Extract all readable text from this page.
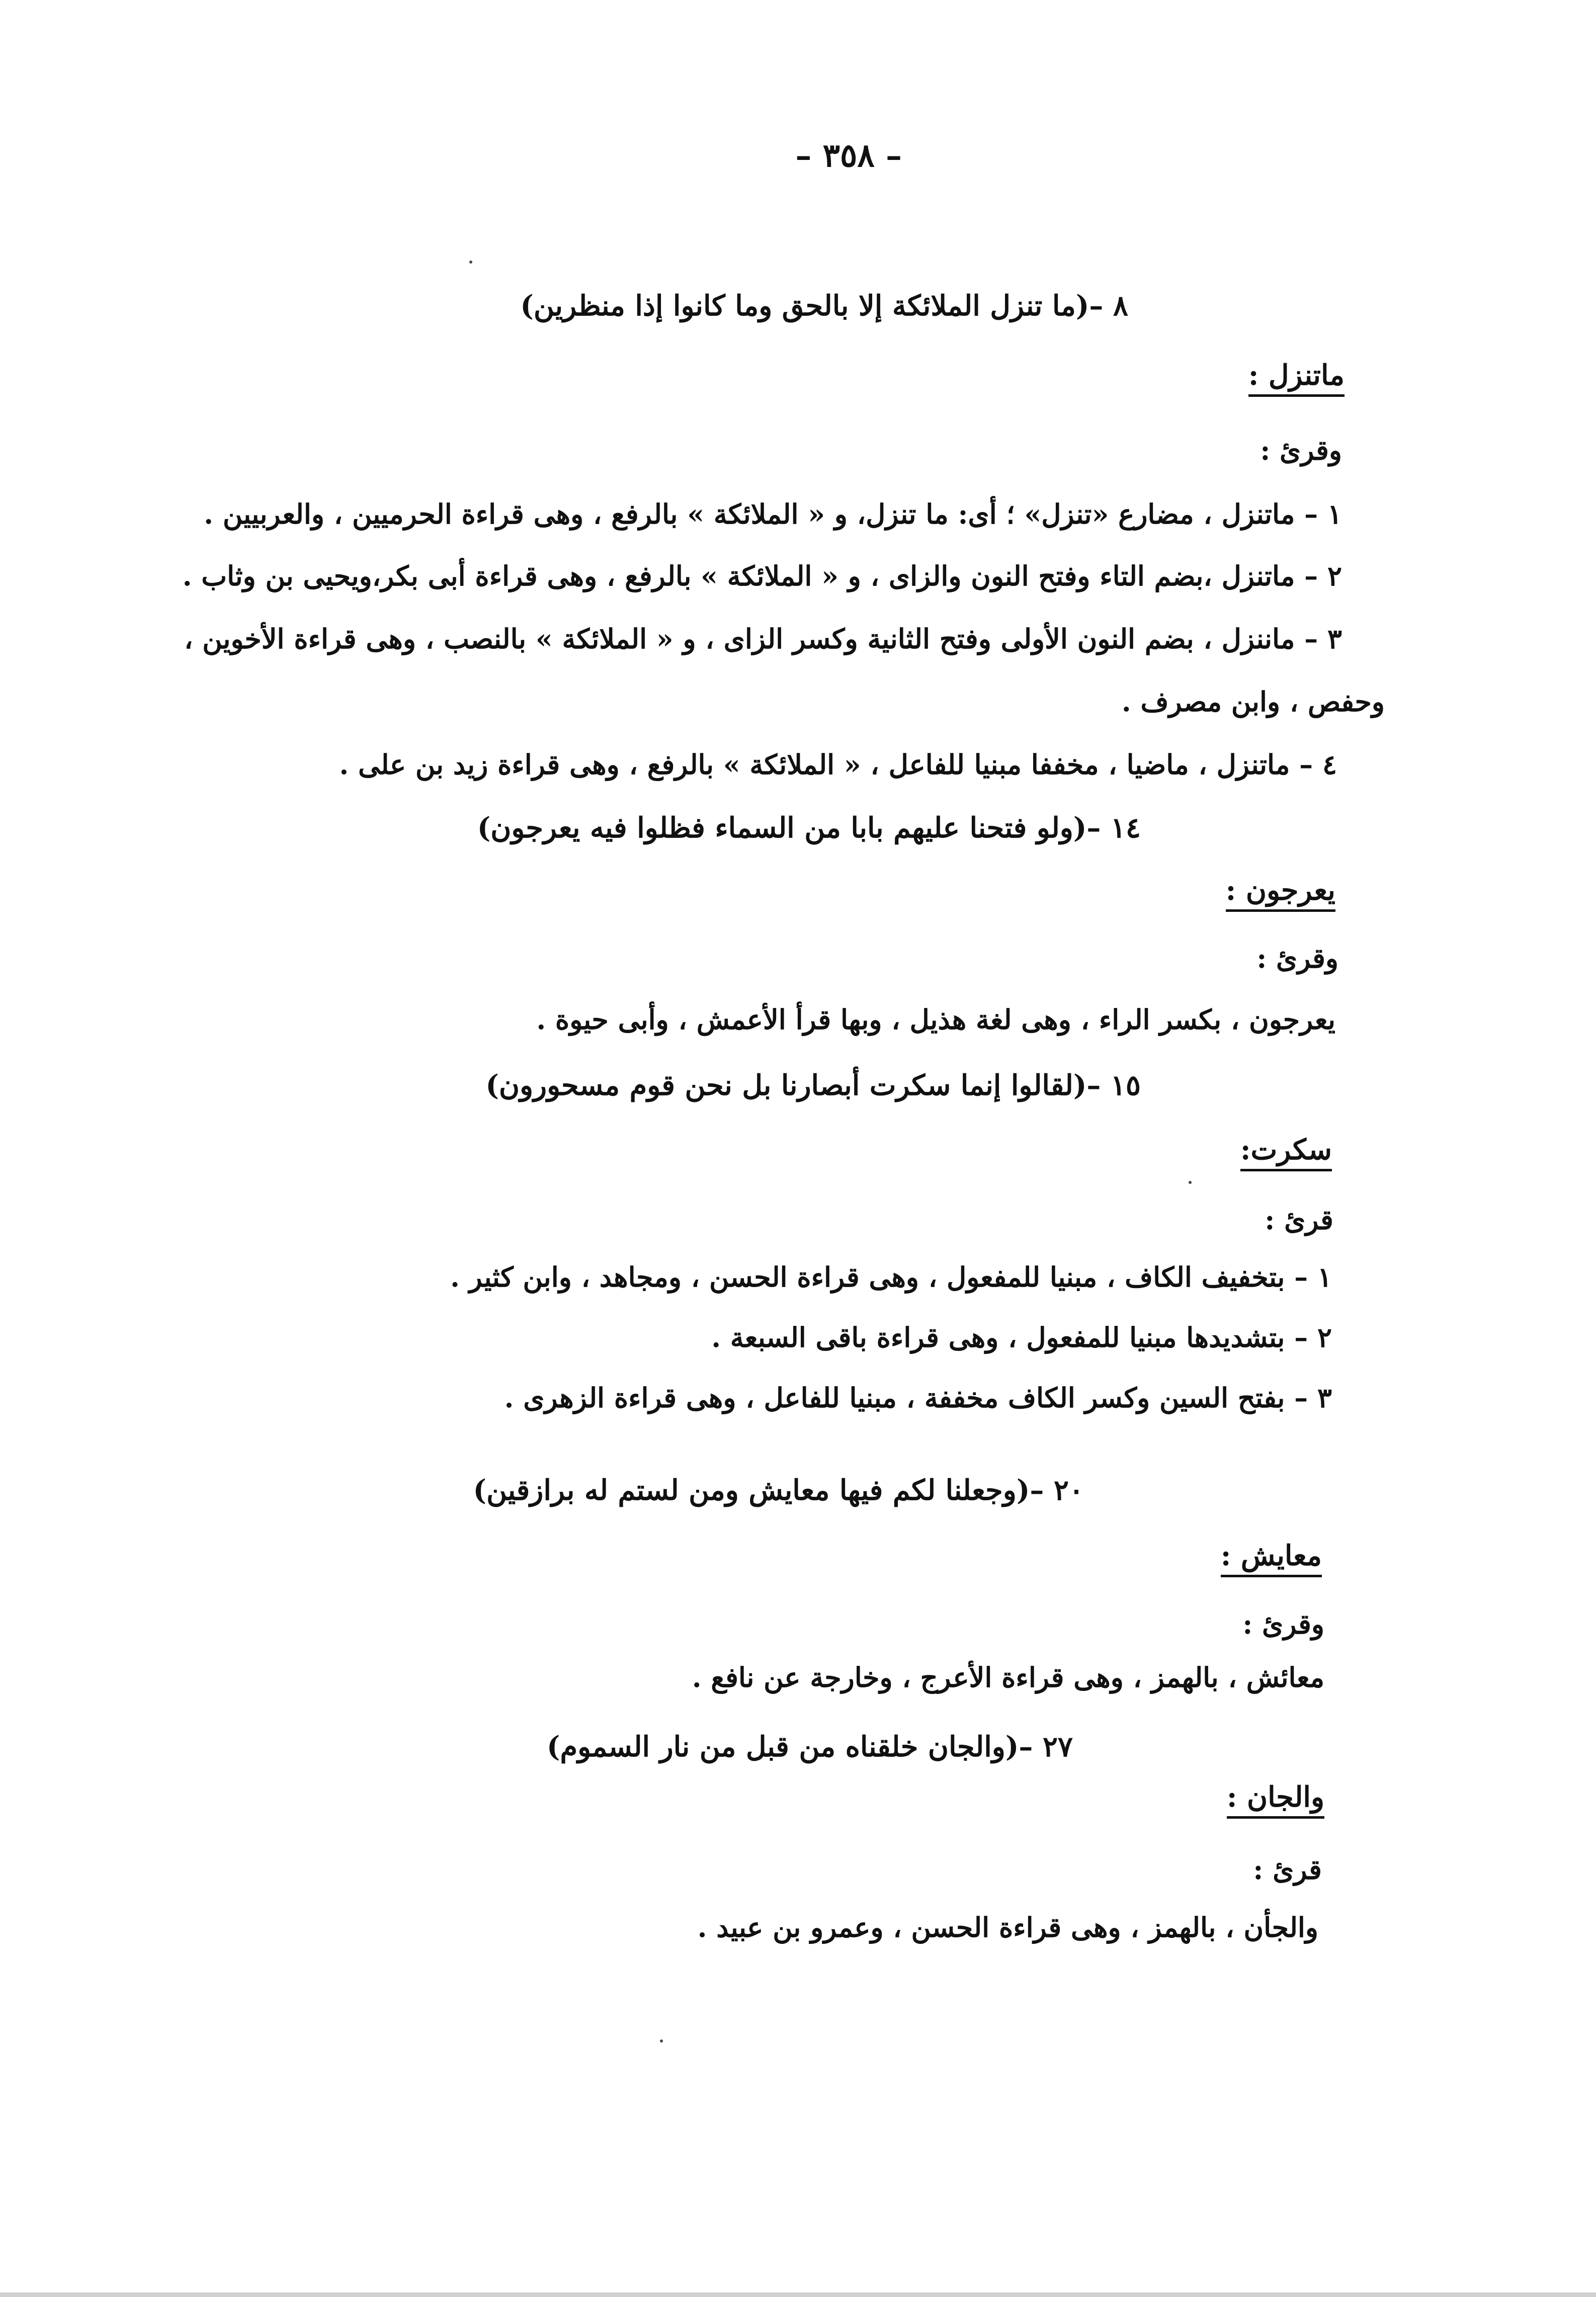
– ٣٥٨ –
٨ –(ما تنزل الملائكة إلا بالحق وما كانوا إذا منظرين)
ماتنزل :
وقرئ :
١ – ماتنزل ، مضارع «تنزل» ؛ أى: ما تنزل، و « الملائكة » بالرفع ، وهى قراءة الحرميين ، والعربيين .
٢ – ماتنزل ،بضم التاء وفتح النون والزاى ، و « الملائكة » بالرفع ، وهى قراءة أبى بكر،ويحيى بن وثاب .
٣ – ماننزل ، بضم النون الأولى وفتح الثانية وكسر الزاى ، و « الملائكة » بالنصب ، وهى قراءة الأخوين ،
وحفص ، وابن مصرف .
٤ – ماتنزل ، ماضيا ، مخففا مبنيا للفاعل ، « الملائكة » بالرفع ، وهى قراءة زيد بن على .
١٤ –(ولو فتحنا عليهم بابا من السماء فظلوا فيه يعرجون)
يعرجون :
وقرئ :
يعرجون ، بكسر الراء ، وهى لغة هذيل ، وبها قرأ الأعمش ، وأبى حيوة .
١٥ –(لقالوا إنما سكرت أبصارنا بل نحن قوم مسحورون)
سكرت:
قرئ :
١ – بتخفيف الكاف ، مبنيا للمفعول ، وهى قراءة الحسن ، ومجاهد ، وابن كثير .
٢ – بتشديدها مبنيا للمفعول ، وهى قراءة باقى السبعة .
٣ – بفتح السين وكسر الكاف مخففة ، مبنيا للفاعل ، وهى قراءة الزهرى .
٢٠ –(وجعلنا لكم فيها معايش ومن لستم له برازقين)
معايش :
وقرئ :
معائش ، بالهمز ، وهى قراءة الأعرج ، وخارجة عن نافع .
٢٧ –(والجان خلقناه من قبل من نار السموم)
والجان :
قرئ :
والجأن ، بالهمز ، وهى قراءة الحسن ، وعمرو بن عبيد .
